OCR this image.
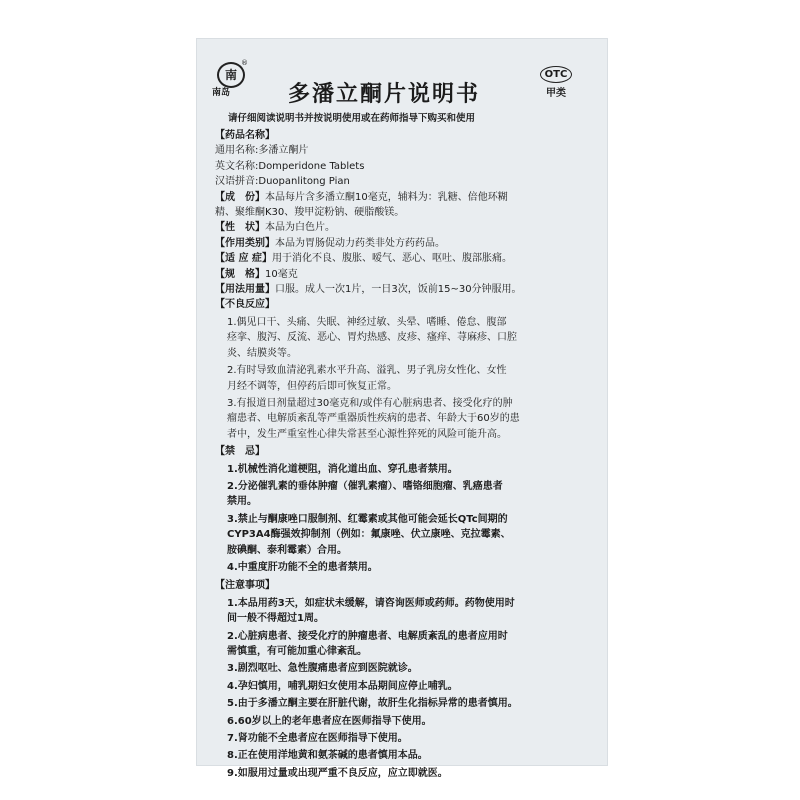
南
®
南岛	多潘立酮片说明书
OTC
甲类
请仔细阅读说明书并按说明使用或在药师指导下购买和使用
【药品名称】
通用名称:多潘立酮片
英文名称:Domperidone Tablets
汉语拼音:Duopanlitong Pian
【成　份】 本品每片含多潘立酮10毫克，辅料为：乳糖、倍他环糊
精、聚维酮K30、羧甲淀粉钠、硬脂酸镁。
【性　状】 本品为白色片。
【作用类别】 本品为胃肠促动力药类非处方药药品。
【适 应 症】 用于消化不良、腹胀、嗳气、恶心、呕吐、腹部胀痛。
【规　格】 10毫克
【用法用量】 口服。成人一次1片，一日3次，饭前15~30分钟服用。
【不良反应】
1.偶见口干、头痛、失眠、神经过敏、头晕、嗜睡、倦怠、腹部
痉挛、腹泻、反流、恶心、胃灼热感、皮疹、瘙痒、荨麻疹、口腔
炎、结膜炎等。
2.有时导致血清泌乳素水平升高、溢乳、男子乳房女性化、女性
月经不调等，但停药后即可恢复正常。
3.有报道日剂量超过30毫克和/或伴有心脏病患者、接受化疗的肿
瘤患者、电解质紊乱等严重器质性疾病的患者、年龄大于60岁的患
者中，发生严重室性心律失常甚至心源性猝死的风险可能升高。
【禁　忌】
1.机械性消化道梗阻，消化道出血、穿孔患者禁用。
2.分泌催乳素的垂体肿瘤（催乳素瘤）、嗜铬细胞瘤、乳癌患者
禁用。
3.禁止与酮康唑口服制剂、红霉素或其他可能会延长QTc间期的
CYP3A4酶强效抑制剂（例如：氟康唑、伏立康唑、克拉霉素、
胺碘酮、泰利霉素）合用。
4.中重度肝功能不全的患者禁用。
【注意事项】
1.本品用药3天，如症状未缓解，请咨询医师或药师。药物使用时
间一般不得超过1周。
2.心脏病患者、接受化疗的肿瘤患者、电解质紊乱的患者应用时
需慎重，有可能加重心律紊乱。
3.剧烈呕吐、急性腹痛患者应到医院就诊。
4.孕妇慎用，哺乳期妇女使用本品期间应停止哺乳。
5.由于多潘立酮主要在肝脏代谢，故肝生化指标异常的患者慎用。
6.60岁以上的老年患者应在医师指导下使用。
7.肾功能不全患者应在医师指导下使用。
8.正在使用洋地黄和氨茶碱的患者慎用本品。
9.如服用过量或出现严重不良反应，应立即就医。
